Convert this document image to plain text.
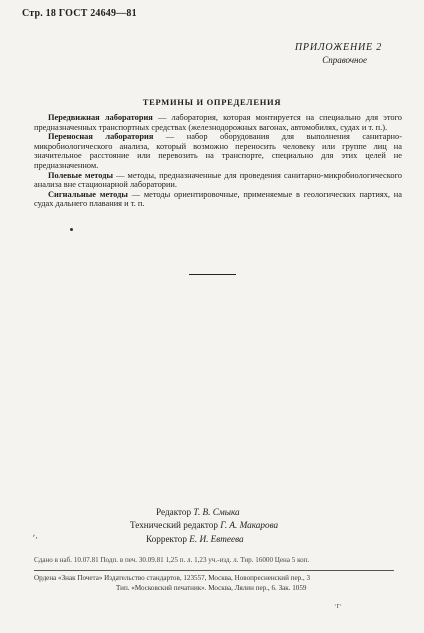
Стр. 18 ГОСТ 24649—81
ПРИЛОЖЕНИЕ 2
Справочное
ТЕРМИНЫ И ОПРЕДЕЛЕНИЯ

Передвижная лаборатория — лаборатория, которая монтируется на специально для этого предназначенных транспортных средствах (железнодорожных вагонах, автомобилях, судах и т. п.).

Переносная лаборатория — набор оборудования для выполнения санитарно-микробиологического анализа, который возможно переносить человеку или группе лиц на значительное расстояние или перевозить на транспорте, специально для этих целей не предназначенном.

Полевые методы — методы, предназначенные для проведения санитарно-микробиологического анализа вне стационарной лаборатории.

Сигнальные методы — методы ориентировочные, применяемые в геологических партиях, на судах дальнего плавания и т. п.

Редактор Т. В. Смыка
Технический редактор Г. А. Макарова
Корректор Е. И. Евтеева
ʹ·
Сдано в наб. 10.07.81 Подп. в печ. 30.09.81 1,25 п. л. 1,23 уч.-изд. л. Тир. 16000 Цена 5 коп.
Ордена «Знак Почета» Издательство стандартов, 123557, Москва, Новопресненский пер., 3
Тип. «Московский печатник». Москва, Лялин пер., 6. Зак. 1059
·r·
